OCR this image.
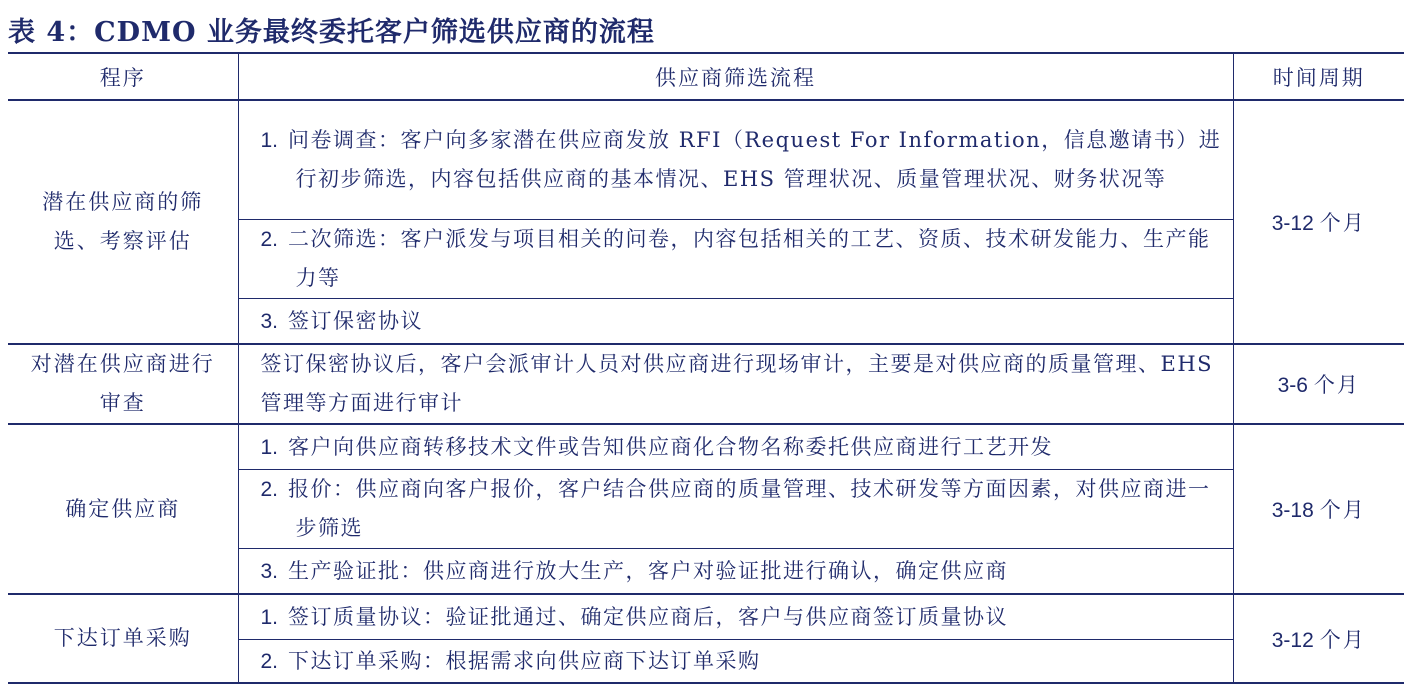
表 4：CDMO 业务最终委托客户筛选供应商的流程
程序	供应商筛选流程	时间周期

潜在供应商的筛选、考察评估	1. 问卷调查：客户向多家潜在供应商发放 RFI（Request For Information，信息邀请书）进行初步筛选，内容包括供应商的基本情况、EHS 管理状况、质量管理状况、财务状况等	3-12 个月

	2. 二次筛选：客户派发与项目相关的问卷，内容包括相关的工艺、资质、技术研发能力、生产能力等	

	3. 签订保密协议	

对潜在供应商进行审查	签订保密协议后，客户会派审计人员对供应商进行现场审计，主要是对供应商的质量管理、EHS 管理等方面进行审计	3-6 个月

确定供应商	1. 客户向供应商转移技术文件或告知供应商化合物名称委托供应商进行工艺开发	3-18 个月

	2. 报价：供应商向客户报价，客户结合供应商的质量管理、技术研发等方面因素，对供应商进一步筛选	

	3. 生产验证批：供应商进行放大生产，客户对验证批进行确认，确定供应商	

下达订单采购	1. 签订质量协议：验证批通过、确定供应商后，客户与供应商签订质量协议	3-12 个月

	2. 下达订单采购：根据需求向供应商下达订单采购	
